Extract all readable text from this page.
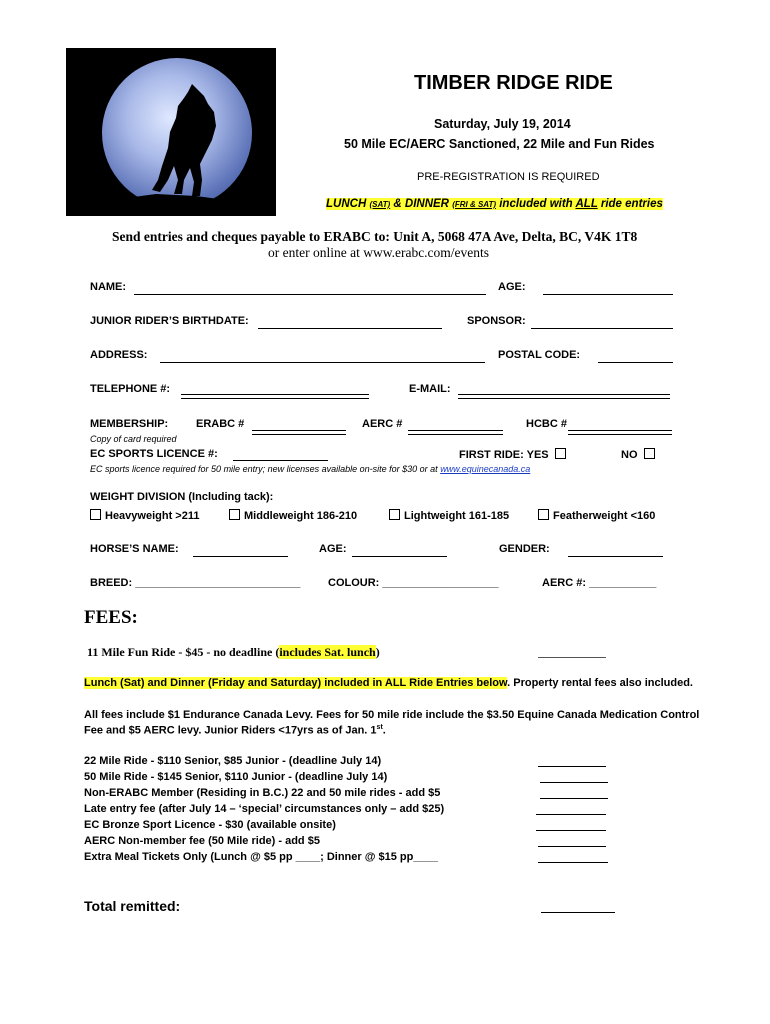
TIMBER RIDGE RIDE
Saturday, July 19, 2014
50 Mile EC/AERC Sanctioned, 22 Mile and Fun Rides
PRE-REGISTRATION IS REQUIRED
LUNCH (SAT) & DINNER (FRI & SAT) included with ALL ride entries
Send entries and cheques payable to ERABC to: Unit A, 5068 47A Ave, Delta, BC, V4K 1T8
or enter online at www.erabc.com/events
NAME:	AGE:
JUNIOR RIDER’S BIRTHDATE:	SPONSOR:
ADDRESS:	POSTAL CODE:
TELEPHONE #:	E-MAIL:
MEMBERSHIP:	ERABC #	AERC #	HCBC #
Copy of card required
EC SPORTS LICENCE #:	FIRST RIDE: YES	NO
EC sports licence required for 50 mile entry; new licenses available on-site for $30 or at www.equinecanada.ca
WEIGHT DIVISION (Including tack):
Heavyweight >211	Middleweight 186-210	Lightweight 161-185	Featherweight <160
HORSE’S NAME:	AGE:	GENDER:
BREED: ___________________________	COLOUR: ___________________	AERC #: ___________
FEES:
11 Mile Fun Ride - $45 - no deadline (includes Sat. lunch)
Lunch (Sat) and Dinner (Friday and Saturday) included in ALL Ride Entries below. Property rental fees also included.
All fees include $1 Endurance Canada Levy. Fees for 50 mile ride include the $3.50 Equine Canada Medication Control
Fee and $5 AERC levy. Junior Riders <17yrs as of Jan. 1st.
22 Mile Ride - $110 Senior, $85 Junior - (deadline July 14)
50 Mile Ride - $145 Senior, $110 Junior - (deadline July 14)
Non-ERABC Member (Residing in B.C.) 22 and 50 mile rides - add $5
Late entry fee (after July 14 – ‘special’ circumstances only – add $25)
EC Bronze Sport Licence - $30 (available onsite)
AERC Non-member fee (50 Mile ride) - add $5
Extra Meal Tickets Only (Lunch @ $5 pp ____; Dinner @ $15 pp____
Total remitted:
